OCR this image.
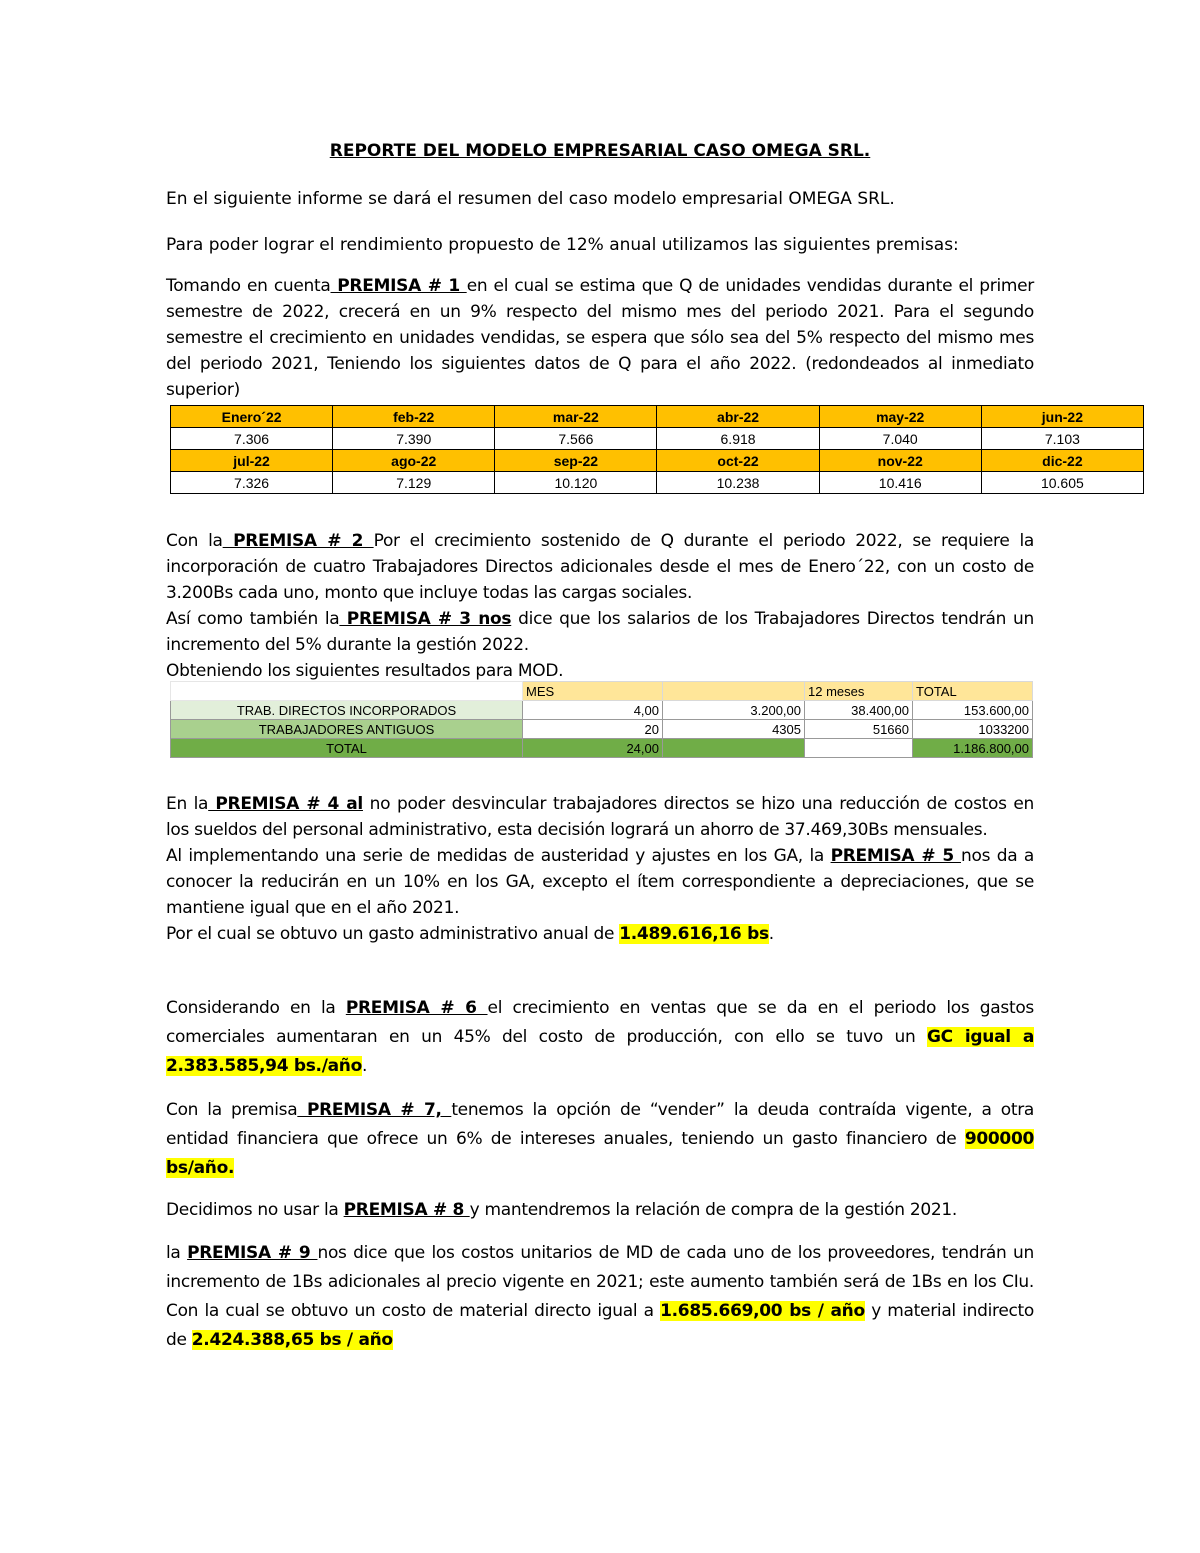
REPORTE DEL MODELO EMPRESARIAL CASO OMEGA SRL.
En el siguiente informe se dará el resumen del caso modelo empresarial OMEGA SRL.
Para poder lograr el rendimiento propuesto de 12% anual utilizamos las siguientes premisas:
Tomando en cuenta PREMISA # 1 en el cual se estima que Q de unidades vendidas durante el primer semestre de 2022, crecerá en un 9% respecto del mismo mes del periodo 2021. Para el segundo semestre el crecimiento en unidades vendidas, se espera que sólo sea del 5% respecto del mismo mes del periodo 2021, Teniendo los siguientes datos de Q para el año 2022. (redondeados al inmediato superior)
Enero´22	feb-22	mar-22	abr-22	may-22	jun-22
7.306	7.390	7.566	6.918	7.040	7.103
jul-22	ago-22	sep-22	oct-22	nov-22	dic-22
7.326	7.129	10.120	10.238	10.416	10.605
Con la PREMISA # 2 Por el crecimiento sostenido de Q durante el periodo 2022, se requiere la incorporación de cuatro Trabajadores Directos adicionales desde el mes de Enero´22, con un costo de 3.200Bs cada uno, monto que incluye todas las cargas sociales.
Así como también la PREMISA # 3 nos dice que los salarios de los Trabajadores Directos tendrán un incremento del 5% durante la gestión 2022.
Obteniendo los siguientes resultados para MOD.
	MES		12 meses	TOTAL
TRAB. DIRECTOS INCORPORADOS	4,00	3.200,00	38.400,00	153.600,00
TRABAJADORES ANTIGUOS	20	4305	51660	1033200
TOTAL	24,00			1.186.800,00
En la PREMISA # 4 al no poder desvincular trabajadores directos se hizo una reducción de costos en los sueldos del personal administrativo, esta decisión logrará un ahorro de 37.469,30Bs mensuales.
Al implementando una serie de medidas de austeridad y ajustes en los GA, la PREMISA # 5 nos da a conocer la reducirán en un 10% en los GA, excepto el ítem correspondiente a depreciaciones, que se mantiene igual que en el año 2021.
Por el cual se obtuvo un gasto administrativo anual de 1.489.616,16 bs.
Considerando en la PREMISA # 6 el crecimiento en ventas que se da en el periodo los gastos comerciales aumentaran en un 45% del costo de producción, con ello se tuvo un GC igual a 2.383.585,94 bs./año.
Con la premisa PREMISA # 7, tenemos la opción de “vender” la deuda contraída vigente, a otra entidad financiera que ofrece un 6% de intereses anuales, teniendo un gasto financiero de 900000 bs/año.
Decidimos no usar la PREMISA # 8 y mantendremos la relación de compra de la gestión 2021.
la PREMISA # 9 nos dice que los costos unitarios de MD de cada uno de los proveedores, tendrán un incremento de 1Bs adicionales al precio vigente en 2021; este aumento también será de 1Bs en los CIu. Con la cual se obtuvo un costo de material directo igual a 1.685.669,00 bs / año y material indirecto de 2.424.388,65 bs / año
